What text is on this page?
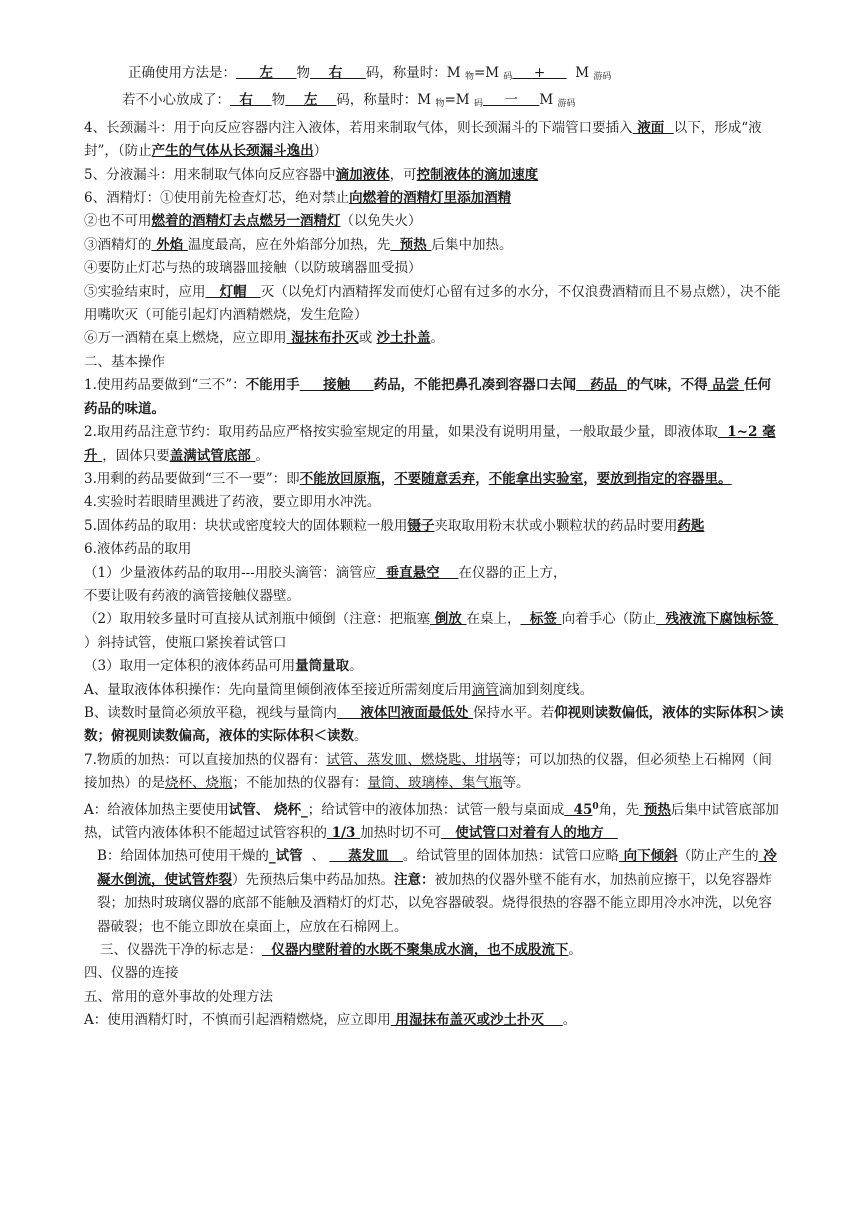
正确使用方法是：     左     物    右     码，称量时：M $_物$=M $_码$     +       M $_{游码}$
若不小心放成了：  右    物    左    码，称量时：M $_物$=M $_码$     一     M $_{游码}$
4、长颈漏斗：用于向反应容器内注入液体，若用来制取气体，则长颈漏斗的下端管口要插入 液面  以下，形成“液封”，（防止产生的气体从长颈漏斗逸出）
5、分液漏斗：用来制取气体向反应容器中滴加液体，可控制液体的滴加速度
6、酒精灯：①使用前先检查灯芯，绝对禁止向燃着的酒精灯里添加酒精
②也不可用燃着的酒精灯去点燃另一酒精灯（以免失火）
③酒精灯的 外焰 温度最高，应在外焰部分加热，先  预热 后集中加热。
④要防止灯芯与热的玻璃器皿接触（以防玻璃器皿受损）
⑤实验结束时，应用   灯帽   灭（以免灯内酒精挥发而使灯心留有过多的水分，不仅浪费酒精而且不易点燃），决不能用嘴吹灭（可能引起灯内酒精燃烧，发生危险）
⑥万一酒精在桌上燃烧，应立即用 湿抹布扑灭或 沙土扑盖。
二、基本操作
1.使用药品要做到“三不”：不能用手     接触     药品，不能把鼻孔凑到容器口去闻   药品  的气味，不得 品尝 任何药品的味道。
2.取用药品注意节约：取用药品应严格按实验室规定的用量，如果没有说明用量，一般取最少量，即液体取  1~2 毫升 ，固体只要盖满试管底部 。
3.用剩的药品要做到“三不一要”：即不能放回原瓶，不要随意丢弃，不能拿出实验室，要放到指定的容器里。
4.实验时若眼睛里溅进了药液，要立即用水冲洗。
5.固体药品的取用：块状或密度较大的固体颗粒一般用镊子夹取取用粉末状或小颗粒状的药品时要用药匙
6.液体药品的取用
（1）少量液体药品的取用---用胶头滴管：滴管应  垂直悬空    在仪器的正上方，
不要让吸有药液的滴管接触仪器壁。
（2）取用较多量时可直接从试剂瓶中倾倒（注意：把瓶塞 倒放 在桌上，  标签 向着手心（防止  残液流下腐蚀标签 ）斜持试管，使瓶口紧挨着试管口
（3）取用一定体积的液体药品可用量筒量取。
A、量取液体体积操作：先向量筒里倾倒液体至接近所需刻度后用滴管滴加到刻度线。
B、读数时量筒必须放平稳，视线与量筒内     液体凹液面最低处 保持水平。若仰视则读数偏低，液体的实际体积＞读数；俯视则读数偏高，液体的实际体积＜读数。
7.物质的加热：可以直接加热的仪器有：试管、蒸发皿、燃烧匙、坩埚等；可以加热的仪器，但必须垫上石棉网（间接加热）的是烧杯、烧瓶；不能加热的仪器有：量筒、玻璃棒、集气瓶等。
A：给液体加热主要使用试管、 烧杯_；给试管中的液体加热：试管一般与桌面成  $45^0$角，先 预热后集中试管底部加热，试管内液体体积不能超过试管容积的 1/3 加热时切不可   使试管口对着有人的地方
B：给固体加热可使用干燥的_试管  、     蒸发皿   。给试管里的固体加热：试管口应略 向下倾斜（防止产生的 冷凝水倒流，使试管炸裂）先预热后集中药品加热。注意：被加热的仪器外壁不能有水，加热前应擦干，以免容器炸裂；加热时玻璃仪器的底部不能触及酒精灯的灯芯，以免容器破裂。烧得很热的容器不能立即用冷水冲洗，以免容器破裂；也不能立即放在桌面上，应放在石棉网上。
三、仪器洗干净的标志是：  仪器内壁附着的水既不聚集成水滴，也不成股流下。
四、仪器的连接
五、常用的意外事故的处理方法
A：使用酒精灯时，不慎而引起酒精燃烧，应立即用 用湿抹布盖灭或沙土扑灭    。
